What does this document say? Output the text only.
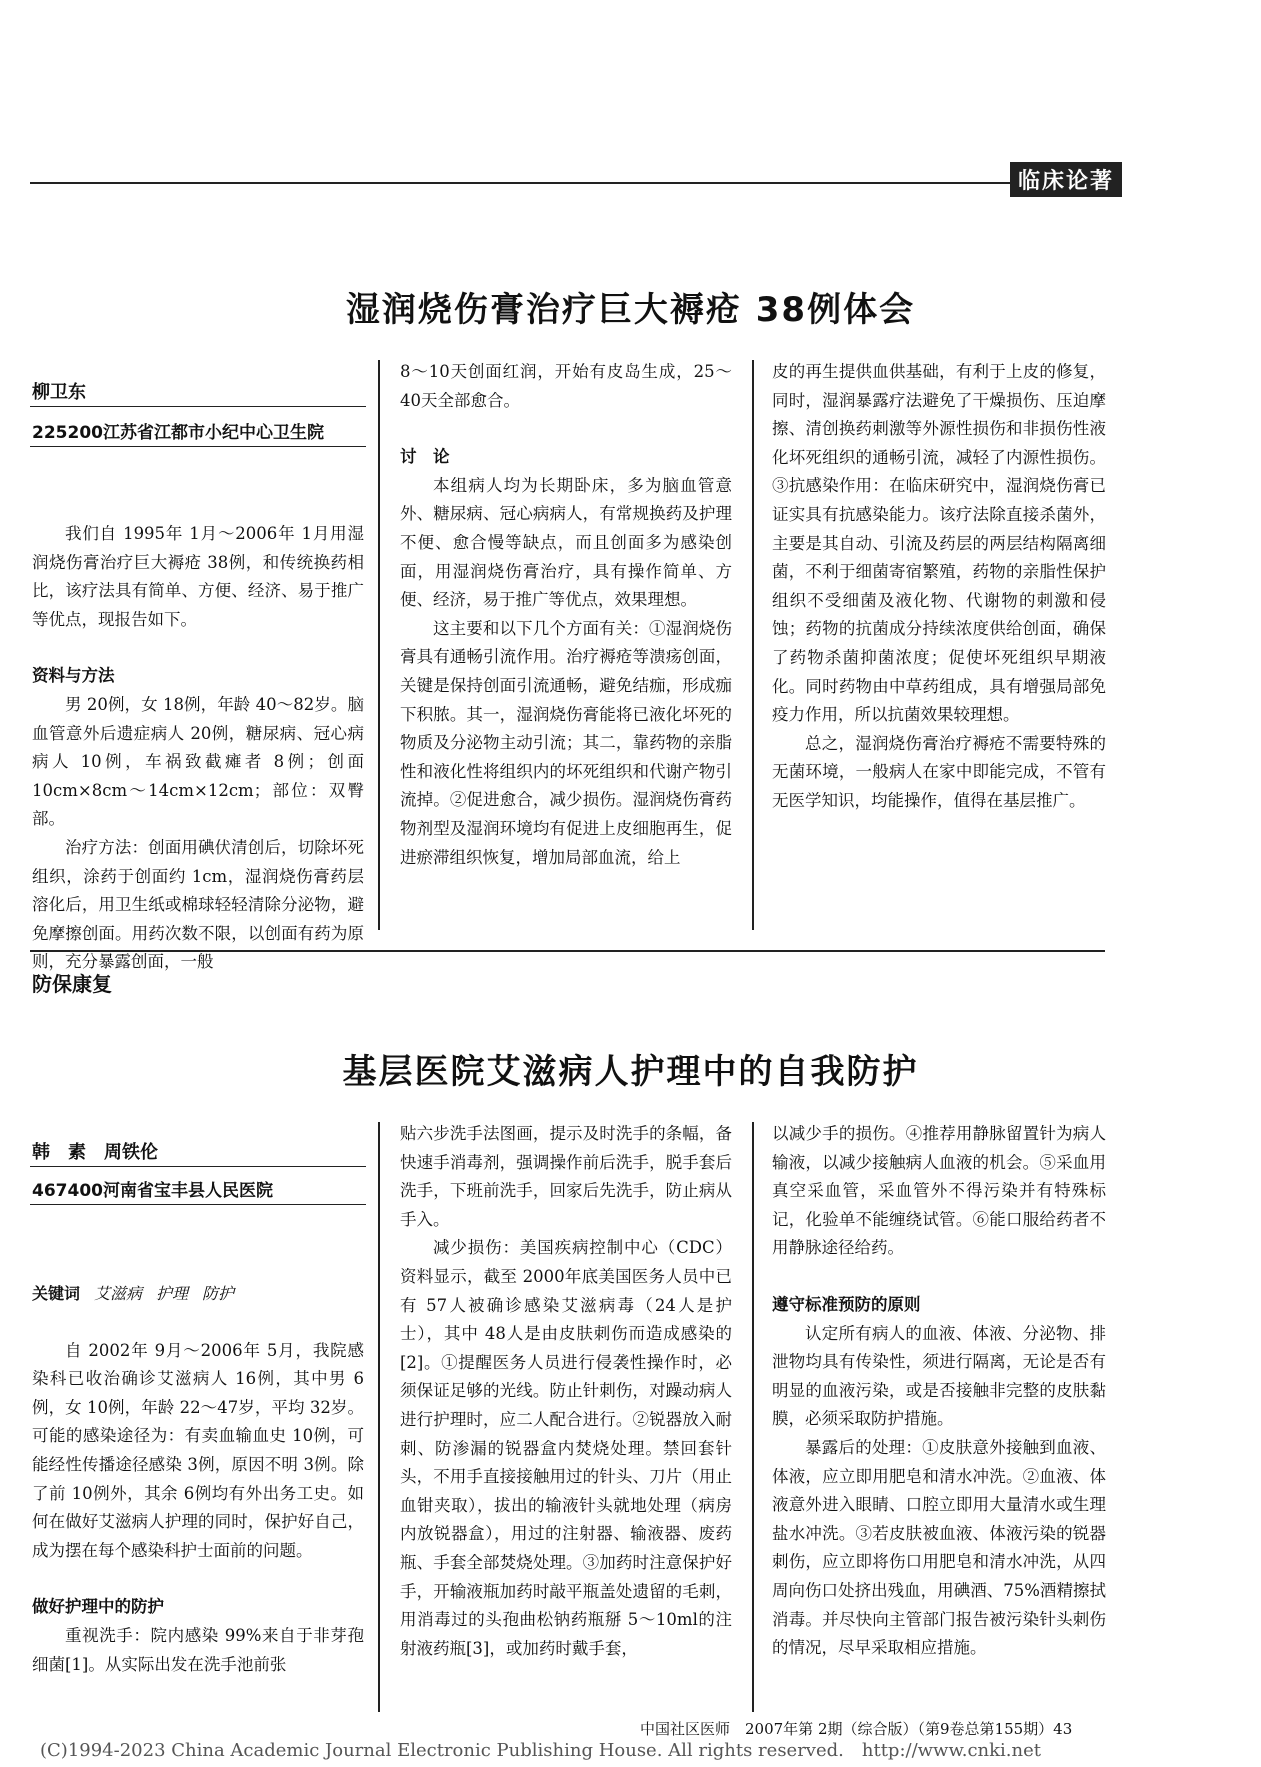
临床论著
湿润烧伤膏治疗巨大褥疮 38例体会
柳卫东
225200江苏省江都市小纪中心卫生院

我们自 1995年 1月～2006年 1月用湿润烧伤膏治疗巨大褥疮 38例，和传统换药相比，该疗法具有简单、方便、经济、易于推广等优点，现报告如下。

资料与方法

男 20例，女 18例，年龄 40～82岁。脑血管意外后遗症病人 20例，糖尿病、冠心病病人 10例，车祸致截瘫者 8例；创面 10cm×8cm～14cm×12cm；部位：双臀部。

治疗方法：创面用碘伏清创后，切除坏死组织，涂药于创面约 1cm，湿润烧伤膏药层溶化后，用卫生纸或棉球轻轻清除分泌物，避免摩擦创面。用药次数不限，以创面有药为原则，充分暴露创面，一般

8～10天创面红润，开始有皮岛生成，25～40天全部愈合。

讨　论

本组病人均为长期卧床，多为脑血管意外、糖尿病、冠心病病人，有常规换药及护理不便、愈合慢等缺点，而且创面多为感染创面，用湿润烧伤膏治疗，具有操作简单、方便、经济，易于推广等优点，效果理想。

这主要和以下几个方面有关：①湿润烧伤膏具有通畅引流作用。治疗褥疮等溃疡创面，关键是保持创面引流通畅，避免结痂，形成痂下积脓。其一，湿润烧伤膏能将已液化坏死的物质及分泌物主动引流；其二，靠药物的亲脂性和液化性将组织内的坏死组织和代谢产物引流掉。②促进愈合，减少损伤。湿润烧伤膏药物剂型及湿润环境均有促进上皮细胞再生，促进瘀滞组织恢复，增加局部血流，给上

皮的再生提供血供基础，有利于上皮的修复，同时，湿润暴露疗法避免了干燥损伤、压迫摩擦、清创换药刺激等外源性损伤和非损伤性液化坏死组织的通畅引流，减轻了内源性损伤。③抗感染作用：在临床研究中，湿润烧伤膏已证实具有抗感染能力。该疗法除直接杀菌外，主要是其自动、引流及药层的两层结构隔离细菌，不利于细菌寄宿繁殖，药物的亲脂性保护组织不受细菌及液化物、代谢物的刺激和侵蚀；药物的抗菌成分持续浓度供给创面，确保了药物杀菌抑菌浓度；促使坏死组织早期液化。同时药物由中草药组成，具有增强局部免疫力作用，所以抗菌效果较理想。

总之，湿润烧伤膏治疗褥疮不需要特殊的无菌环境，一般病人在家中即能完成，不管有无医学知识，均能操作，值得在基层推广。

防保康复
基层医院艾滋病人护理中的自我防护
韩　素　周铁伦
467400河南省宝丰县人民医院
关键词 艾滋病 护理 防护

自 2002年 9月～2006年 5月，我院感染科已收治确诊艾滋病人 16例，其中男 6例，女 10例，年龄 22～47岁，平均 32岁。可能的感染途径为：有卖血输血史 10例，可能经性传播途径感染 3例，原因不明 3例。除了前 10例外，其余 6例均有外出务工史。如何在做好艾滋病人护理的同时，保护好自己，成为摆在每个感染科护士面前的问题。

做好护理中的防护

重视洗手：院内感染 99%来自于非芽孢细菌[1]。从实际出发在洗手池前张

贴六步洗手法图画，提示及时洗手的条幅，备快速手消毒剂，强调操作前后洗手，脱手套后洗手，下班前洗手，回家后先洗手，防止病从手入。

减少损伤：美国疾病控制中心（CDC）资料显示，截至 2000年底美国医务人员中已有 57人被确诊感染艾滋病毒（24人是护士），其中 48人是由皮肤刺伤而造成感染的[2]。①提醒医务人员进行侵袭性操作时，必须保证足够的光线。防止针刺伤，对躁动病人进行护理时，应二人配合进行。②锐器放入耐刺、防渗漏的锐器盒内焚烧处理。禁回套针头，不用手直接接触用过的针头、刀片（用止血钳夹取），拔出的输液针头就地处理（病房内放锐器盒），用过的注射器、输液器、废药瓶、手套全部焚烧处理。③加药时注意保护好手，开输液瓶加药时敲平瓶盖处遗留的毛刺，用消毒过的头孢曲松钠药瓶掰 5～10ml的注射液药瓶[3]，或加药时戴手套，

以减少手的损伤。④推荐用静脉留置针为病人输液，以减少接触病人血液的机会。⑤采血用真空采血管，采血管外不得污染并有特殊标记，化验单不能缠绕试管。⑥能口服给药者不用静脉途径给药。

遵守标准预防的原则

认定所有病人的血液、体液、分泌物、排泄物均具有传染性，须进行隔离，无论是否有明显的血液污染，或是否接触非完整的皮肤黏膜，必须采取防护措施。

暴露后的处理：①皮肤意外接触到血液、体液，应立即用肥皂和清水冲洗。②血液、体液意外进入眼睛、口腔立即用大量清水或生理盐水冲洗。③若皮肤被血液、体液污染的锐器刺伤，应立即将伤口用肥皂和清水冲洗，从四周向伤口处挤出残血，用碘酒、75%酒精擦拭消毒。并尽快向主管部门报告被污染针头刺伤的情况，尽早采取相应措施。

中国社区医师　2007年第 2期（综合版）（第9卷总第155期）43
(C)1994-2023 China Academic Journal Electronic Publishing House. All rights reserved.　http://www.cnki.net
